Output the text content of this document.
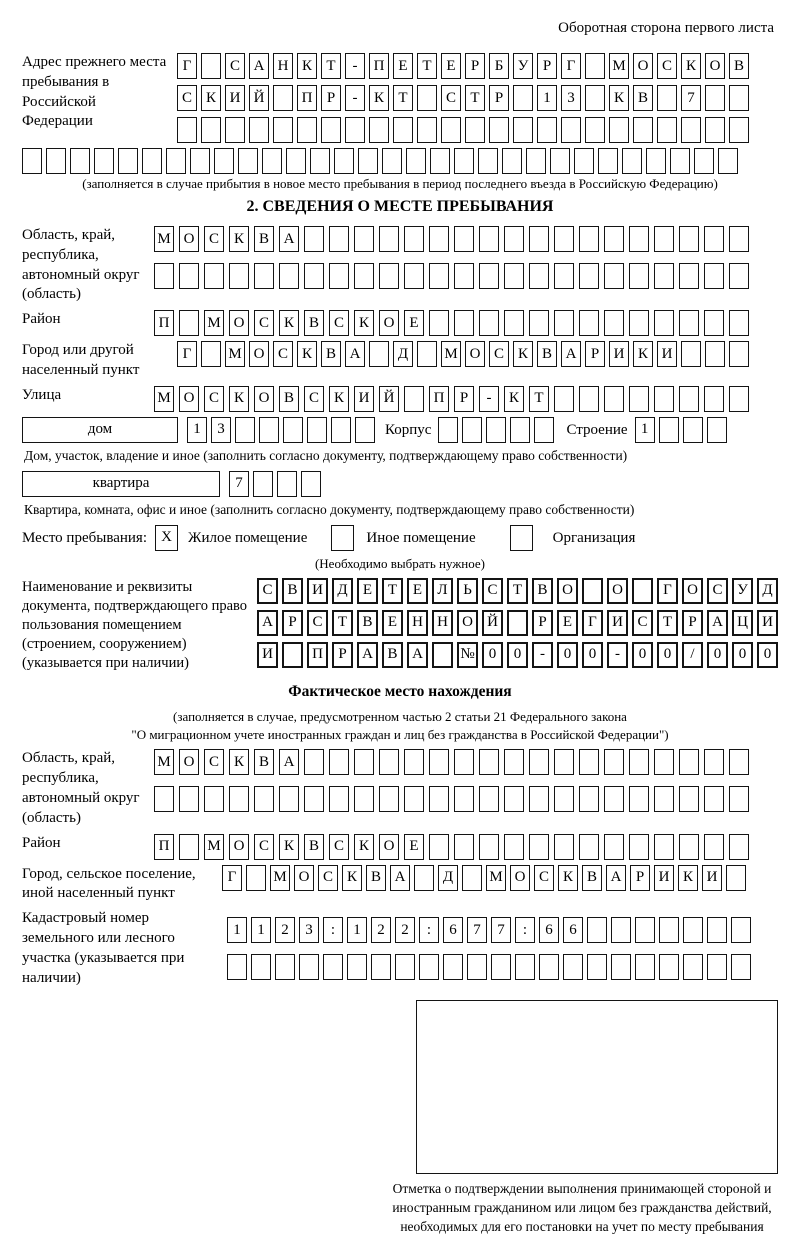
Оборотная сторона первого листа
Адрес прежнего места пребывания в Российской Федерации
Г	С А Н К Т	-	П Е Т Е	Р	Б У Р	Г	М О С К О В
С К И Й	П Р	-	К Т	С Т	Р	1	3	К В	7
(заполняется в случае прибытия в новое место пребывания в период последнего въезда в Российскую Федерацию)
2. СВЕДЕНИЯ О МЕСТЕ ПРЕБЫВАНИЯ
Область, край, республика, автономный округ (область)
М О С К В А
Район	П	М О С К В С К О Е
Город или другой населенный пункт
Г	М О С К В А	Д	М О С К В А Р И К И
Улица	М О С К О В С К И Й	П	Р	-	К	Т
дом	1	3	Корпус	Строение 1
Дом, участок, владение и иное (заполнить согласно документу, подтверждающему право собственности)
квартира	7
Квартира, комната, офис и иное (заполнить согласно документу, подтверждающему право собственности)
Место пребывания: X	Жилое помещение	Иное помещение	Организация
(Необходимо выбрать нужное)
Наименование и реквизиты документа, подтверждающего право пользования помещением (строением, сооружением) (указывается при наличии)
С В И Д	Е	Т	Е	Л	Ь	С	Т	В О	О	Г	О С У Д
А	Р	С	Т	В	Е	Н Н О Й	Р	Е	Г	И С	Т	Р	А Ц И
И	П	Р	А В А	№ 0	0	-	0	0	-	0	0	/	0	0	0
Фактическое место нахождения
(заполняется в случае, предусмотренном частью 2 статьи 21 Федерального закона
"О миграционном учете иностранных граждан и лиц без гражданства в Российской Федерации")
Область, край, республика, автономный округ (область)
М О С К В А
Район	П	М О С К В С К О Е
Город, сельское поселение, иной населенный пункт
Г	М О С К В А	Д	М О С К В А Р И К И
Кадастровый номер земельного или лесного участка (указывается при наличии)
1	1	2	3	:	1	2	2	:	6	7	7	:	6	6
Отметка о подтверждении выполнения принимающей стороной и иностранным гражданином или лицом без гражданства действий, необходимых для его постановки на учет по месту пребывания
